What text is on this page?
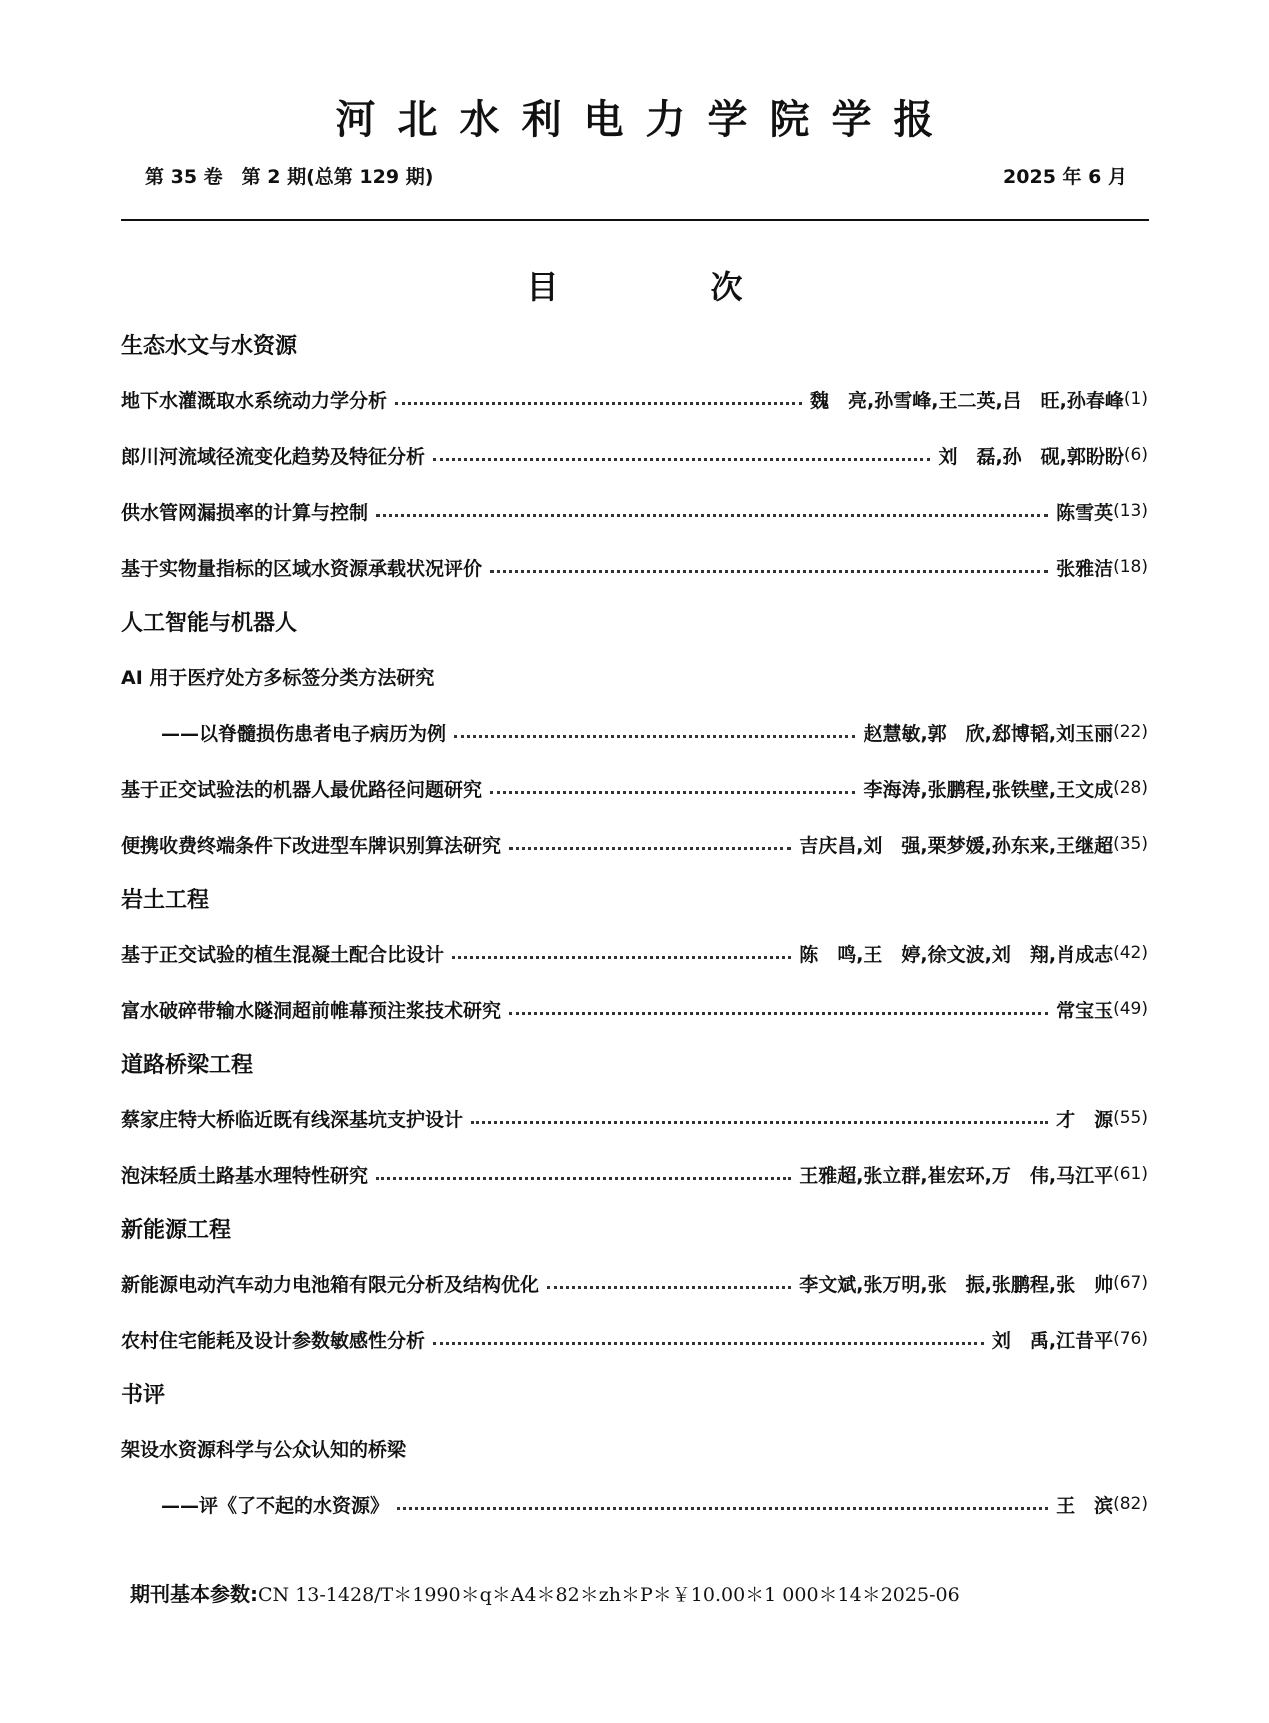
河北水利电力学院学报
第 35 卷　第 2 期(总第 129 期)	2025 年 6 月
目　次
生态水文与水资源
地下水灌溉取水系统动力学分析	魏　亮,孙雪峰,王二英,吕　旺,孙春峰 (1)
郎川河流域径流变化趋势及特征分析	刘　磊,孙　砚,郭盼盼 (6)
供水管网漏损率的计算与控制	陈雪英 (13)
基于实物量指标的区域水资源承载状况评价	张雅洁 (18)
人工智能与机器人
AI 用于医疗处方多标签分类方法研究
——以脊髓损伤患者电子病历为例	赵慧敏,郭　欣,郄博韬,刘玉丽 (22)
基于正交试验法的机器人最优路径问题研究	李海涛,张鹏程,张铁壁,王文成 (28)
便携收费终端条件下改进型车牌识别算法研究	吉庆昌,刘　强,栗梦媛,孙东来,王继超 (35)
岩土工程
基于正交试验的植生混凝土配合比设计	陈　鸣,王　婷,徐文波,刘　翔,肖成志 (42)
富水破碎带输水隧洞超前帷幕预注浆技术研究	常宝玉 (49)
道路桥梁工程
蔡家庄特大桥临近既有线深基坑支护设计	才　源 (55)
泡沫轻质土路基水理特性研究	王雅超,张立群,崔宏环,万　伟,马江平 (61)
新能源工程
新能源电动汽车动力电池箱有限元分析及结构优化	李文斌,张万明,张　振,张鹏程,张　帅 (67)
农村住宅能耗及设计参数敏感性分析	刘　禹,江昔平 (76)
书评
架设水资源科学与公众认知的桥梁
——评《了不起的水资源》	王　滨 (82)
期刊基本参数:CN 13-1428/T＊1990＊q＊A4＊82＊zh＊P＊￥10.00＊1 000＊14＊2025-06
